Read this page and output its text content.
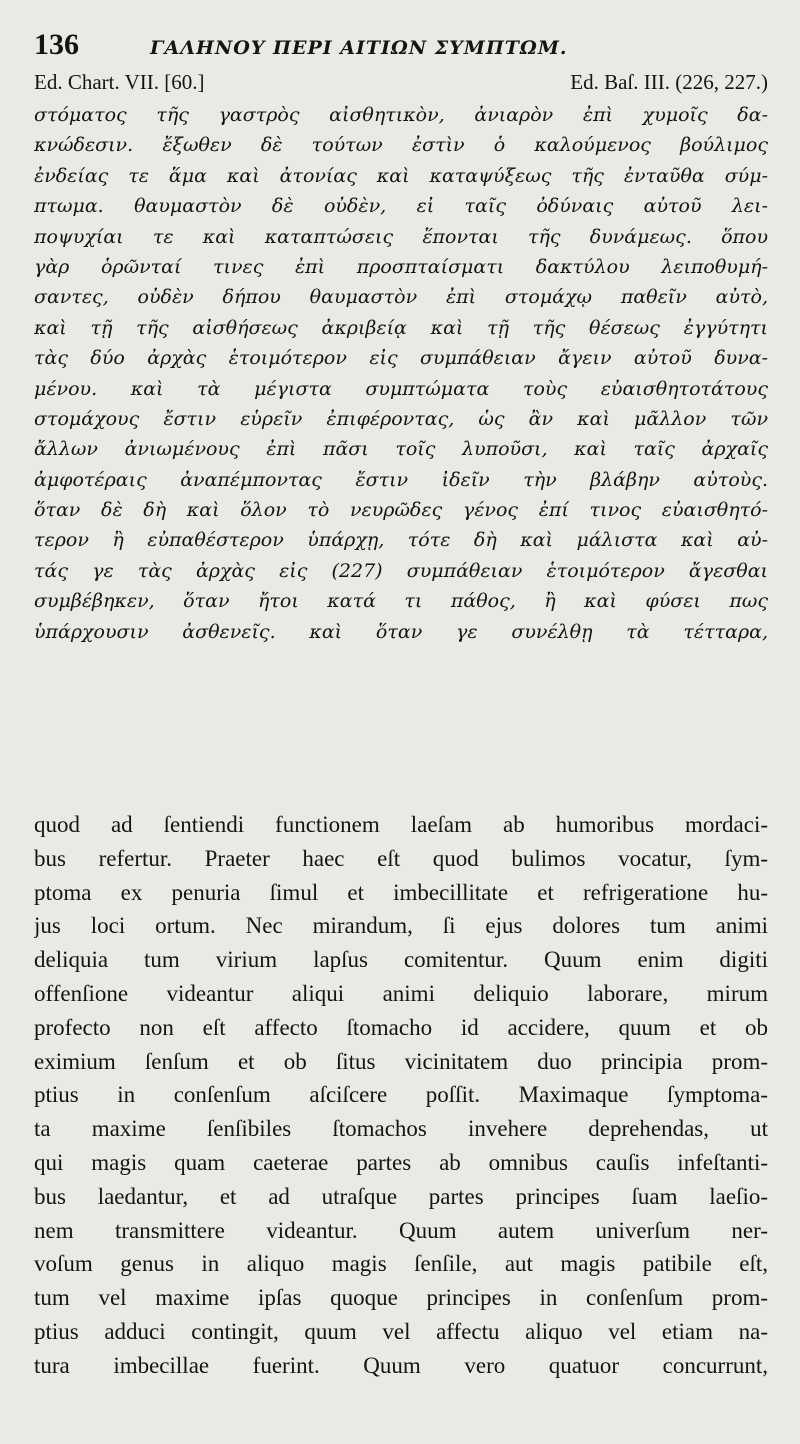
136	ΓΑΛΗΝΟΥ ΠΕΡΙ ΑΙΤΙΩΝ ΣΥΜΠΤΩΜ.
Ed. Chart. VII. [60.]	Ed. Baſ. III. (226, 227.)
στόματος τῆς γαστρὸς αἰσθητικὸν, ἀνιαρὸν ἐπὶ χυμοῖς δα-
κνώδεσιν. ἔξωθεν δὲ τούτων ἐστὶν ὁ καλούμενος βούλιμος
ἐνδείας τε ἅμα καὶ ἀτονίας καὶ καταψύξεως τῆς ἐνταῦθα σύμ-
πτωμα. θαυμαστὸν δὲ οὐδὲν, εἰ ταῖς ὀδύναις αὐτοῦ λει-
ποψυχίαι τε καὶ καταπτώσεις ἕπονται τῆς δυνάμεως. ὅπου
γὰρ ὁρῶνταί τινες ἐπὶ προσπταίσματι δακτύλου λειποθυμή-
σαντες, οὐδὲν δήπου θαυμαστὸν ἐπὶ στομάχῳ παθεῖν αὐτὸ,
καὶ τῇ τῆς αἰσθήσεως ἀκριβείᾳ καὶ τῇ τῆς θέσεως ἐγγύτητι
τὰς δύο ἀρχὰς ἑτοιμότερον εἰς συμπάθειαν ἄγειν αὐτοῦ δυνα-
μένου. καὶ τὰ μέγιστα συμπτώματα τοὺς εὐαισθητοτάτους
στομάχους ἔστιν εὑρεῖν ἐπιφέροντας, ὡς ἂν καὶ μᾶλλον τῶν
ἄλλων ἀνιωμένους ἐπὶ πᾶσι τοῖς λυποῦσι, καὶ ταῖς ἀρχαῖς
ἀμφοτέραις ἀναπέμποντας ἔστιν ἰδεῖν τὴν βλάβην αὐτοὺς.
ὅταν δὲ δὴ καὶ ὅλον τὸ νευρῶδες γένος ἐπί τινος εὐαισθητό-
τερον ἢ εὐπαθέστερον ὑπάρχῃ, τότε δὴ καὶ μάλιστα καὶ αὐ-
τάς γε τὰς ἀρχὰς εἰς (227) συμπάθειαν ἑτοιμότερον ἄγεσθαι
συμβέβηκεν, ὅταν ἤτοι κατά τι πάθος, ἢ καὶ φύσει πως
ὑπάρχουσιν ἀσθενεῖς. καὶ ὅταν γε συνέλθῃ τὰ τέτταρα,
quod ad ſentiendi functionem laeſam ab humoribus mordaci-
bus refertur. Praeter haec eſt quod bulimos vocatur, ſym-
ptoma ex penuria ſimul et imbecillitate et refrigeratione hu-
jus loci ortum. Nec mirandum, ſi ejus dolores tum animi
deliquia tum virium lapſus comitentur. Quum enim digiti
offenſione videantur aliqui animi deliquio laborare, mirum
profecto non eſt affecto ſtomacho id accidere, quum et ob
eximium ſenſum et ob ſitus vicinitatem duo principia prom-
ptius in conſenſum aſciſcere poſſit. Maximaque ſymptoma-
ta maxime ſenſibiles ſtomachos invehere deprehendas, ut
qui magis quam caeterae partes ab omnibus cauſis infeſtanti-
bus laedantur, et ad utraſque partes principes ſuam laeſio-
nem transmittere videantur. Quum autem univerſum ner-
voſum genus in aliquo magis ſenſile, aut magis patibile eſt,
tum vel maxime ipſas quoque principes in conſenſum prom-
ptius adduci contingit, quum vel affectu aliquo vel etiam na-
tura imbecillae fuerint. Quum vero quatuor concurrunt,
